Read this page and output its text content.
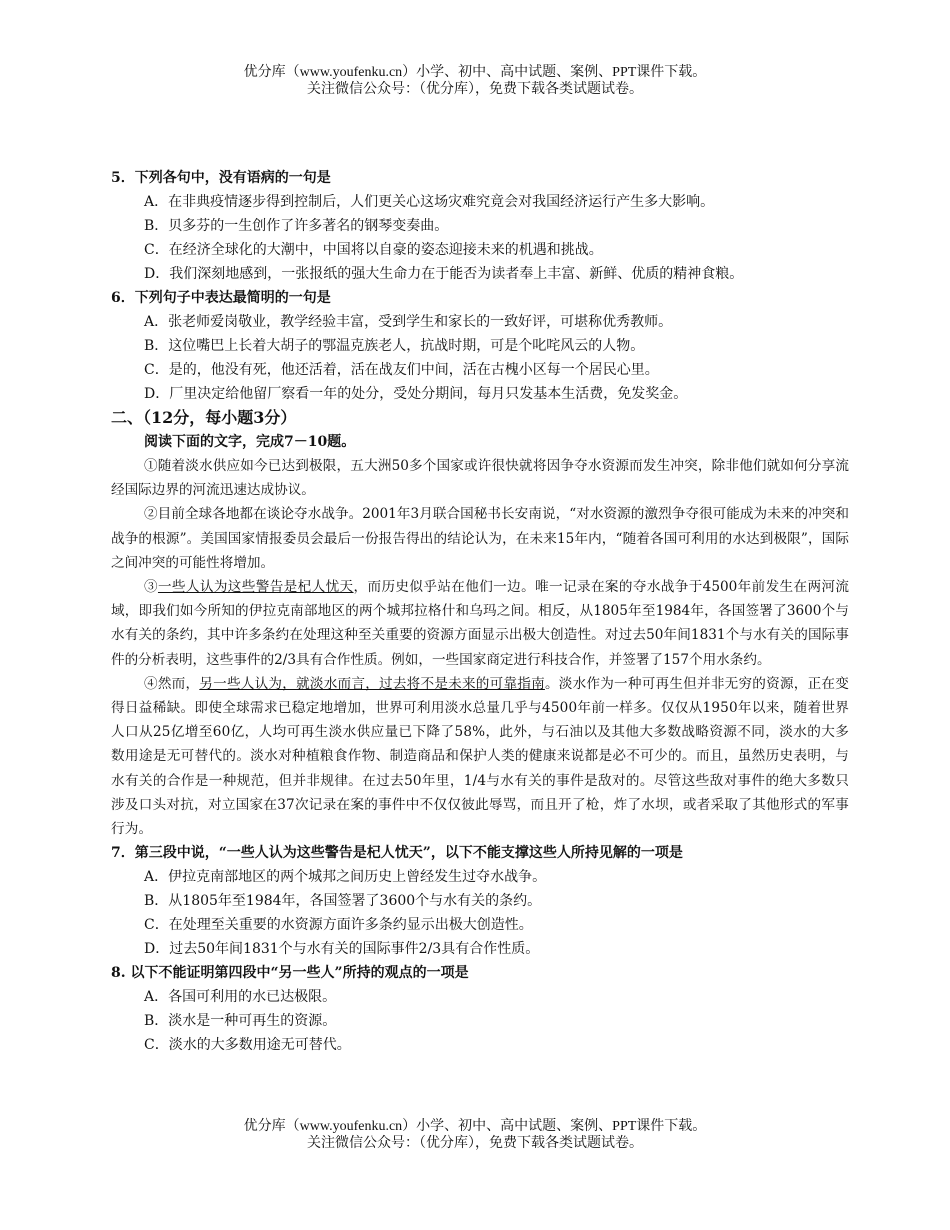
优分库（www.youfenku.cn）小学、初中、高中试题、案例、PPT课件下载。
关注微信公众号：（优分库），免费下载各类试题试卷。
5．下列各句中，没有语病的一句是
A．在非典疫情逐步得到控制后，人们更关心这场灾难究竟会对我国经济运行产生多大影响。
B．贝多芬的一生创作了许多著名的钢琴变奏曲。
C．在经济全球化的大潮中，中国将以自豪的姿态迎接未来的机遇和挑战。
D．我们深刻地感到，一张报纸的强大生命力在于能否为读者奉上丰富、新鲜、优质的精神食粮。
6．下列句子中表达最简明的一句是
A．张老师爱岗敬业，教学经验丰富，受到学生和家长的一致好评，可堪称优秀教师。
B．这位嘴巴上长着大胡子的鄂温克族老人，抗战时期，可是个叱咤风云的人物。
C．是的，他没有死，他还活着，活在战友们中间，活在古槐小区每一个居民心里。
D．厂里决定给他留厂察看一年的处分，受处分期间，每月只发基本生活费，免发奖金。
二、（12分，每小题3分）
阅读下面的文字，完成7－10题。
①随着淡水供应如今已达到极限，五大洲50多个国家或许很快就将因争夺水资源而发生冲突，除非他们就如何分享流经国际边界的河流迅速达成协议。
②目前全球各地都在谈论夺水战争。2001年3月联合国秘书长安南说，“对水资源的激烈争夺很可能成为未来的冲突和战争的根源”。美国国家情报委员会最后一份报告得出的结论认为，在未来15年内，“随着各国可利用的水达到极限”，国际之间冲突的可能性将增加。
③一些人认为这些警告是杞人忧天，而历史似乎站在他们一边。唯一记录在案的夺水战争于4500年前发生在两河流域，即我们如今所知的伊拉克南部地区的两个城邦拉格什和乌玛之间。相反，从1805年至1984年，各国签署了3600个与水有关的条约，其中许多条约在处理这种至关重要的资源方面显示出极大创造性。对过去50年间1831个与水有关的国际事件的分析表明，这些事件的2/3具有合作性质。例如，一些国家商定进行科技合作，并签署了157个用水条约。
④然而，另一些人认为，就淡水而言，过去将不是未来的可靠指南。淡水作为一种可再生但并非无穷的资源，正在变得日益稀缺。即使全球需求已稳定地增加，世界可利用淡水总量几乎与4500年前一样多。仅仅从1950年以来，随着世界人口从25亿增至60亿，人均可再生淡水供应量已下降了58%，此外，与石油以及其他大多数战略资源不同，淡水的大多数用途是无可替代的。淡水对种植粮食作物、制造商品和保护人类的健康来说都是必不可少的。而且，虽然历史表明，与水有关的合作是一种规范，但并非规律。在过去50年里，1/4与水有关的事件是敌对的。尽管这些敌对事件的绝大多数只涉及口头对抗，对立国家在37次记录在案的事件中不仅仅彼此辱骂，而且开了枪，炸了水坝，或者采取了其他形式的军事行为。
7．第三段中说，“一些人认为这些警告是杞人忧天”，以下不能支撑这些人所持见解的一项是
A．伊拉克南部地区的两个城邦之间历史上曾经发生过夺水战争。
B．从1805年至1984年，各国签署了3600个与水有关的条约。
C．在处理至关重要的水资源方面许多条约显示出极大创造性。
D．过去50年间1831个与水有关的国际事件2/3具有合作性质。
8. 以下不能证明第四段中“另一些人”所持的观点的一项是
A．各国可利用的水已达极限。
B．淡水是一种可再生的资源。
C．淡水的大多数用途无可替代。
优分库（www.youfenku.cn）小学、初中、高中试题、案例、PPT课件下载。
关注微信公众号：（优分库），免费下载各类试题试卷。
